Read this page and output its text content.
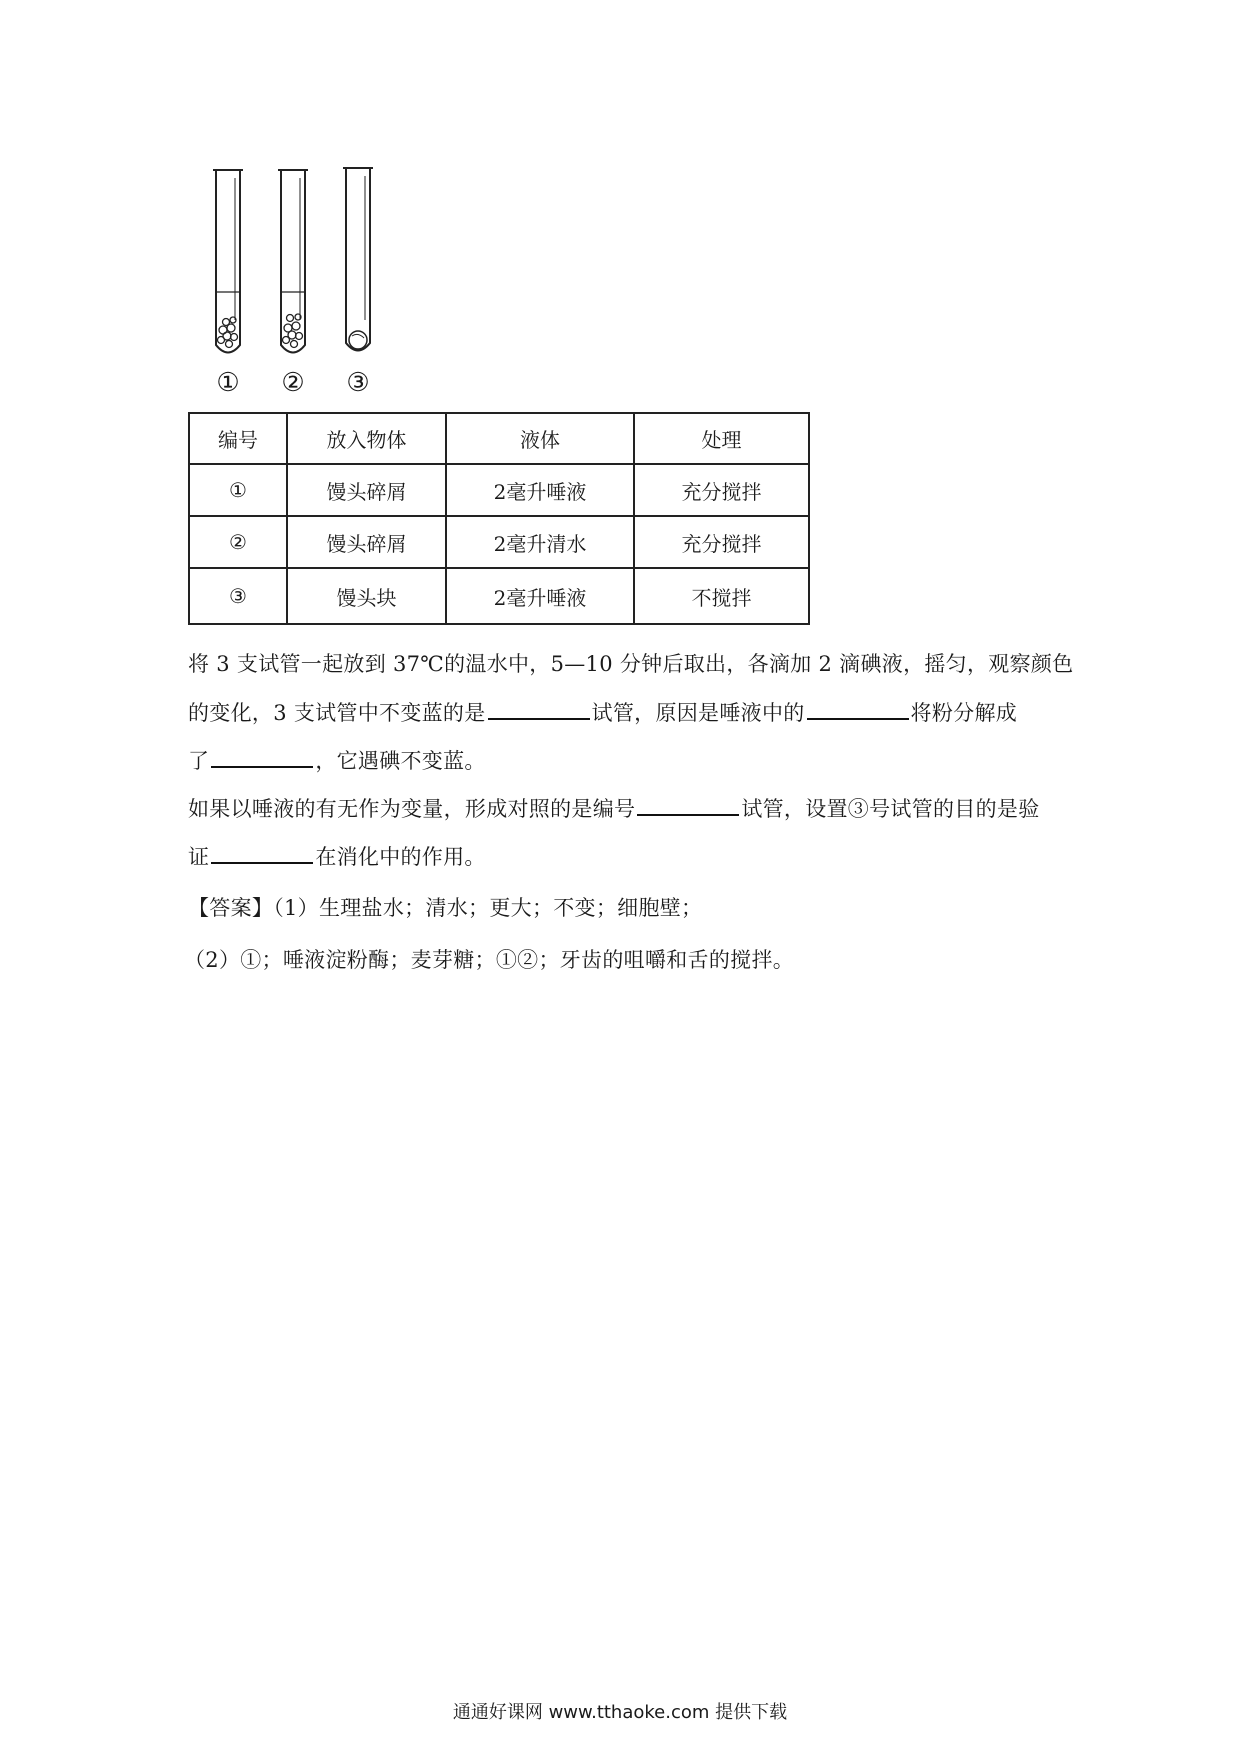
①	②	③
编号	放入物体	液体	处理
①	馒头碎屑	2毫升唾液	充分搅拌
②	馒头碎屑	2毫升清水	充分搅拌
③	馒头块	2毫升唾液	不搅拌
将 3 支试管一起放到 37℃的温水中，5—10 分钟后取出，各滴加 2 滴碘液，摇匀，观察颜色
的变化，3 支试管中不变蓝的是	试管，原因是唾液中的	将粉分解成
了	，它遇碘不变蓝。
如果以唾液的有无作为变量，形成对照的是编号	试管，设置③号试管的目的是验
证	在消化中的作用。
【答案】（1）生理盐水；清水；更大；不变；细胞壁；
（2）①；唾液淀粉酶；麦芽糖；①②；牙齿的咀嚼和舌的搅拌。
通通好课网 www.tthaoke.com 提供下载
